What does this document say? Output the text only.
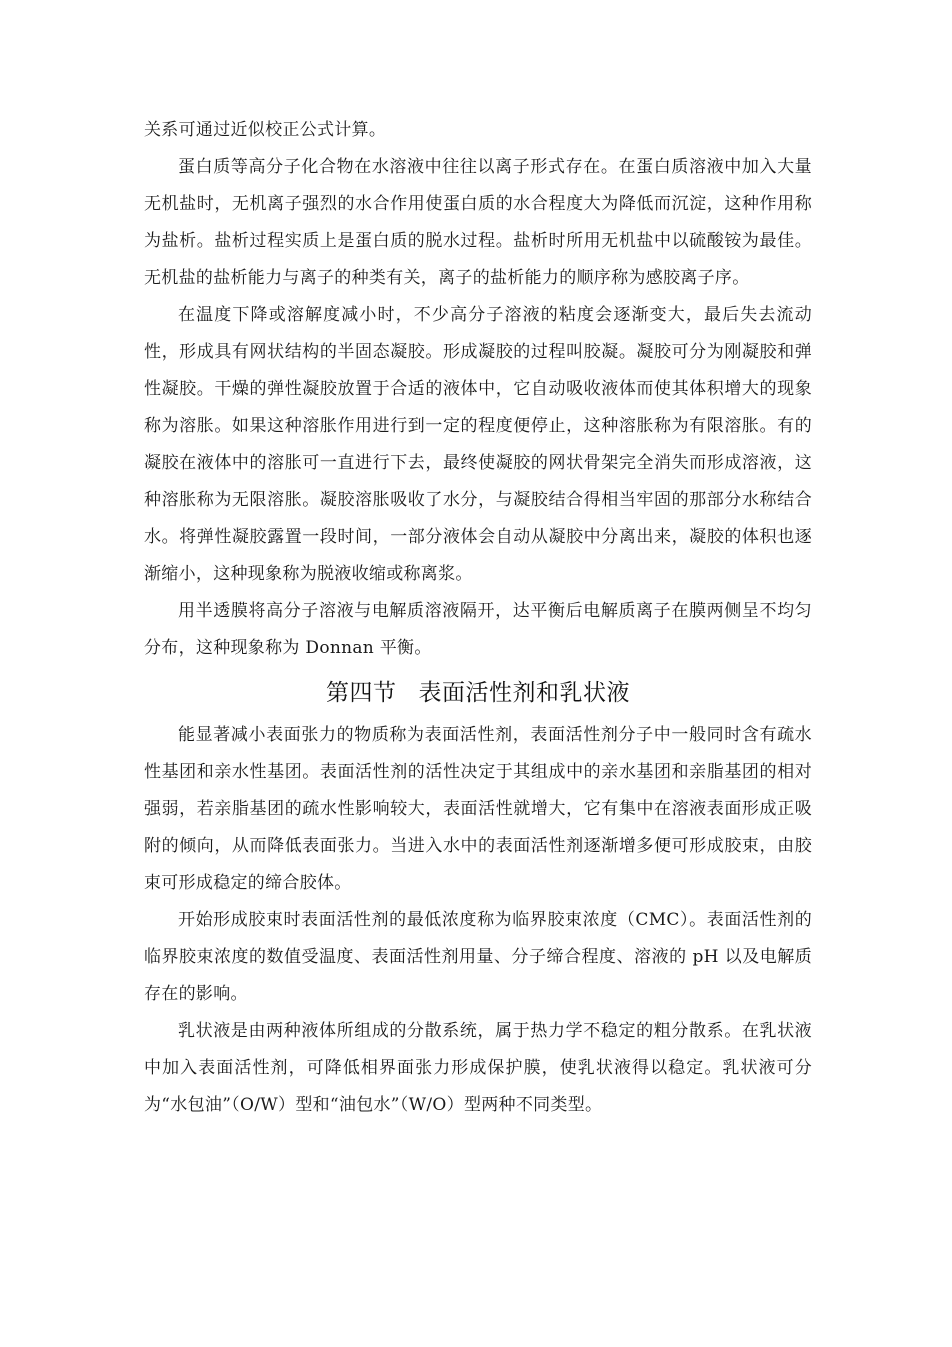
关系可通过近似校正公式计算。

蛋白质等高分子化合物在水溶液中往往以离子形式存在。在蛋白质溶液中加入大量无机盐时，无机离子强烈的水合作用使蛋白质的水合程度大为降低而沉淀，这种作用称为盐析。盐析过程实质上是蛋白质的脱水过程。盐析时所用无机盐中以硫酸铵为最佳。无机盐的盐析能力与离子的种类有关，离子的盐析能力的顺序称为感胶离子序。

在温度下降或溶解度减小时，不少高分子溶液的粘度会逐渐变大，最后失去流动性，形成具有网状结构的半固态凝胶。形成凝胶的过程叫胶凝。凝胶可分为刚凝胶和弹性凝胶。干燥的弹性凝胶放置于合适的液体中，它自动吸收液体而使其体积增大的现象称为溶胀。如果这种溶胀作用进行到一定的程度便停止，这种溶胀称为有限溶胀。有的凝胶在液体中的溶胀可一直进行下去，最终使凝胶的网状骨架完全消失而形成溶液，这种溶胀称为无限溶胀。凝胶溶胀吸收了水分，与凝胶结合得相当牢固的那部分水称结合水。将弹性凝胶露置一段时间，一部分液体会自动从凝胶中分离出来，凝胶的体积也逐渐缩小，这种现象称为脱液收缩或称离浆。

用半透膜将高分子溶液与电解质溶液隔开，达平衡后电解质离子在膜两侧呈不均匀分布，这种现象称为 Donnan 平衡。

第四节 表面活性剂和乳状液

能显著减小表面张力的物质称为表面活性剂，表面活性剂分子中一般同时含有疏水性基团和亲水性基团。表面活性剂的活性决定于其组成中的亲水基团和亲脂基团的相对强弱，若亲脂基团的疏水性影响较大，表面活性就增大，它有集中在溶液表面形成正吸附的倾向，从而降低表面张力。当进入水中的表面活性剂逐渐增多便可形成胶束，由胶束可形成稳定的缔合胶体。

开始形成胶束时表面活性剂的最低浓度称为临界胶束浓度（CMC）。表面活性剂的临界胶束浓度的数值受温度、表面活性剂用量、分子缔合程度、溶液的 pH 以及电解质存在的影响。

乳状液是由两种液体所组成的分散系统，属于热力学不稳定的粗分散系。在乳状液中加入表面活性剂，可降低相界面张力形成保护膜，使乳状液得以稳定。乳状液可分为“水包油”（O/W）型和“油包水”（W/O）型两种不同类型。
